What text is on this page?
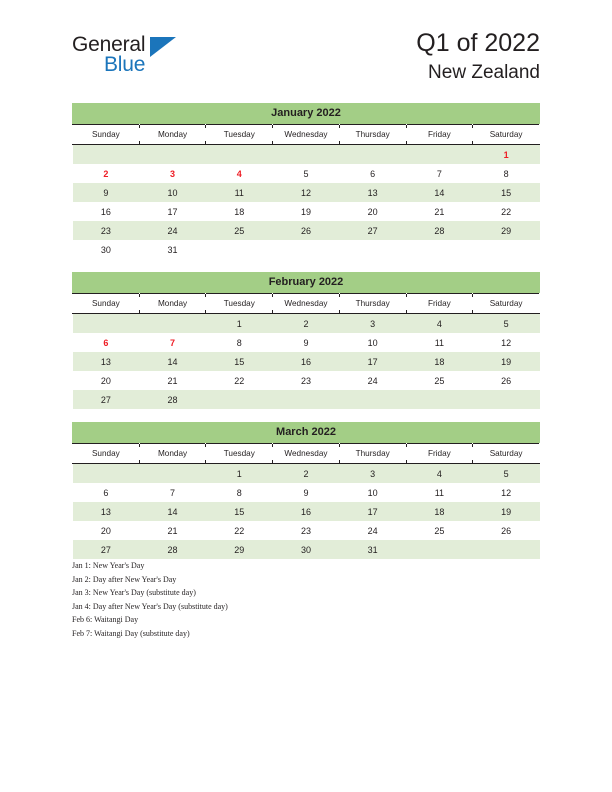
General
Blue
Q1 of 2022
New Zealand
January 2022
Sunday	Monday	Tuesday	Wednesday	Thursday	Friday	Saturday
						1
2	3	4	5	6	7	8
9	10	11	12	13	14	15
16	17	18	19	20	21	22
23	24	25	26	27	28	29
30	31					
February 2022
Sunday	Monday	Tuesday	Wednesday	Thursday	Friday	Saturday
		1	2	3	4	5
6	7	8	9	10	11	12
13	14	15	16	17	18	19
20	21	22	23	24	25	26
27	28					
March 2022
Sunday	Monday	Tuesday	Wednesday	Thursday	Friday	Saturday
		1	2	3	4	5
6	7	8	9	10	11	12
13	14	15	16	17	18	19
20	21	22	23	24	25	26
27	28	29	30	31		
Jan 1: New Year's Day
Jan 2: Day after New Year's Day
Jan 3: New Year's Day (substitute day)
Jan 4: Day after New Year's Day (substitute day)
Feb 6: Waitangi Day
Feb 7: Waitangi Day (substitute day)
